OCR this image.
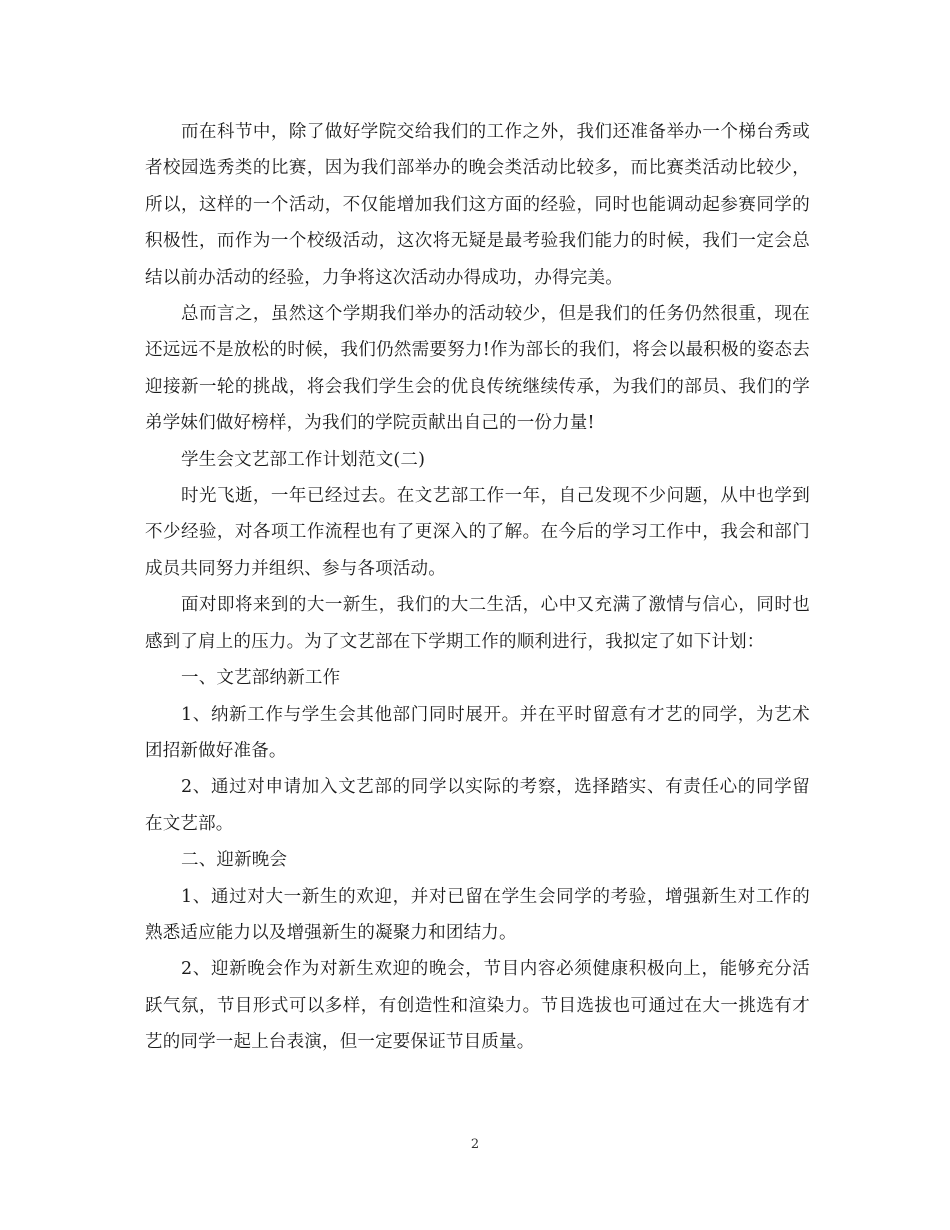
而在科节中，除了做好学院交给我们的工作之外，我们还准备举办一个梯台秀或者校园选秀类的比赛，因为我们部举办的晚会类活动比较多，而比赛类活动比较少，所以，这样的一个活动，不仅能增加我们这方面的经验，同时也能调动起参赛同学的积极性，而作为一个校级活动，这次将无疑是最考验我们能力的时候，我们一定会总结以前办活动的经验，力争将这次活动办得成功，办得完美。

总而言之，虽然这个学期我们举办的活动较少，但是我们的任务仍然很重，现在还远远不是放松的时候，我们仍然需要努力!作为部长的我们，将会以最积极的姿态去迎接新一轮的挑战，将会我们学生会的优良传统继续传承，为我们的部员、我们的学弟学妹们做好榜样，为我们的学院贡献出自己的一份力量!

学生会文艺部工作计划范文(二)

时光飞逝，一年已经过去。在文艺部工作一年，自己发现不少问题，从中也学到不少经验，对各项工作流程也有了更深入的了解。在今后的学习工作中，我会和部门成员共同努力并组织、参与各项活动。

面对即将来到的大一新生，我们的大二生活，心中又充满了激情与信心，同时也感到了肩上的压力。为了文艺部在下学期工作的顺利进行，我拟定了如下计划：

一、文艺部纳新工作

1、纳新工作与学生会其他部门同时展开。并在平时留意有才艺的同学，为艺术团招新做好准备。

2、通过对申请加入文艺部的同学以实际的考察，选择踏实、有责任心的同学留在文艺部。

二、迎新晚会

1、通过对大一新生的欢迎，并对已留在学生会同学的考验，增强新生对工作的熟悉适应能力以及增强新生的凝聚力和团结力。

2、迎新晚会作为对新生欢迎的晚会，节目内容必须健康积极向上，能够充分活跃气氛，节目形式可以多样，有创造性和渲染力。节目选拔也可通过在大一挑选有才艺的同学一起上台表演，但一定要保证节目质量。

2
